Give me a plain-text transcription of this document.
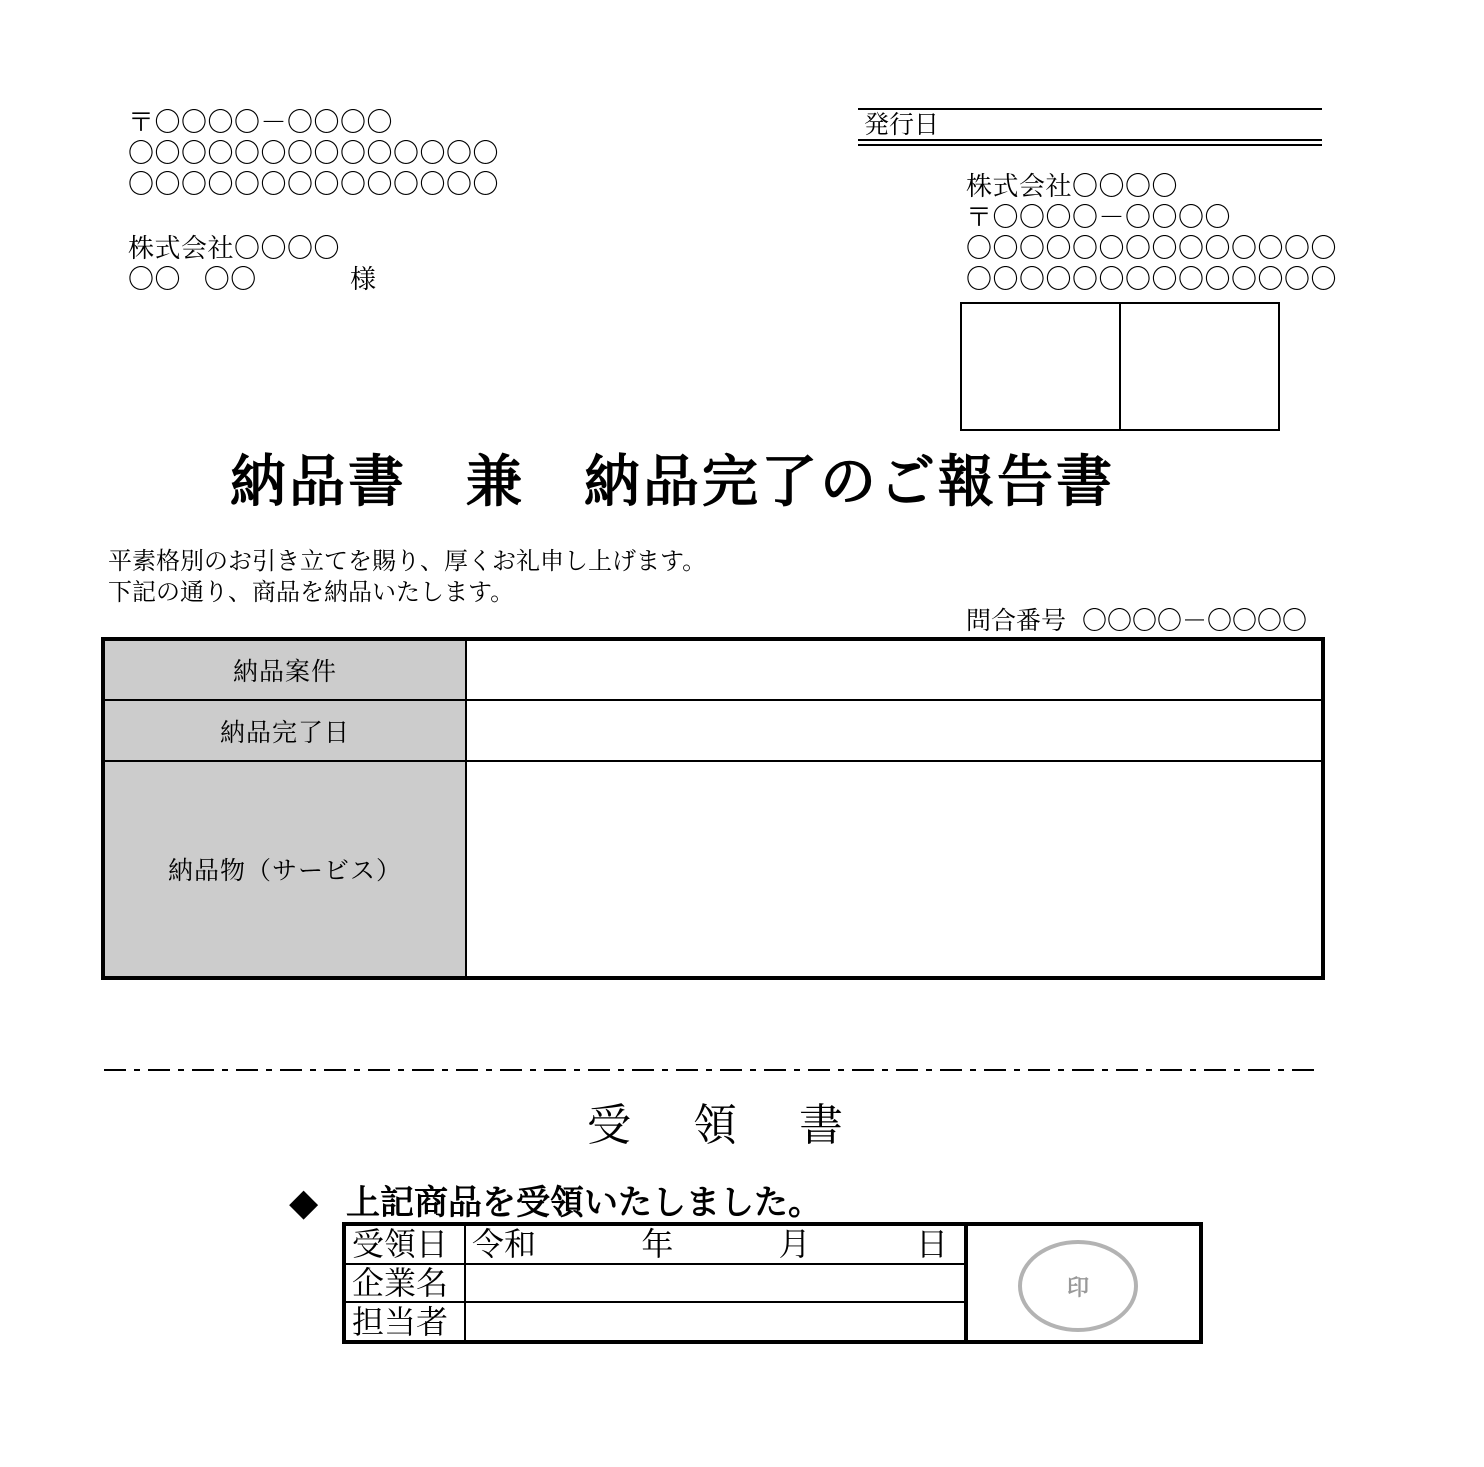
〒〇〇〇〇－〇〇〇〇
〇〇〇〇〇〇〇〇〇〇〇〇〇〇
〇〇〇〇〇〇〇〇〇〇〇〇〇〇
株式会社〇〇〇〇
〇〇 〇〇	様
発行日
株式会社〇〇〇〇
〒〇〇〇〇－〇〇〇〇
〇〇〇〇〇〇〇〇〇〇〇〇〇〇
〇〇〇〇〇〇〇〇〇〇〇〇〇〇
納品書　兼　納品完了のご報告書
平素格別のお引き立てを賜り、厚くお礼申し上げます。
下記の通り、商品を納品いたします。
問合番号 〇〇〇〇－〇〇〇〇
納品案件	
納品完了日	
納品物（サービス）	
受領書
◆ 上記商品を受領いたしました。
受領日	令和 年 月 日

企業名	
担当者	
印
